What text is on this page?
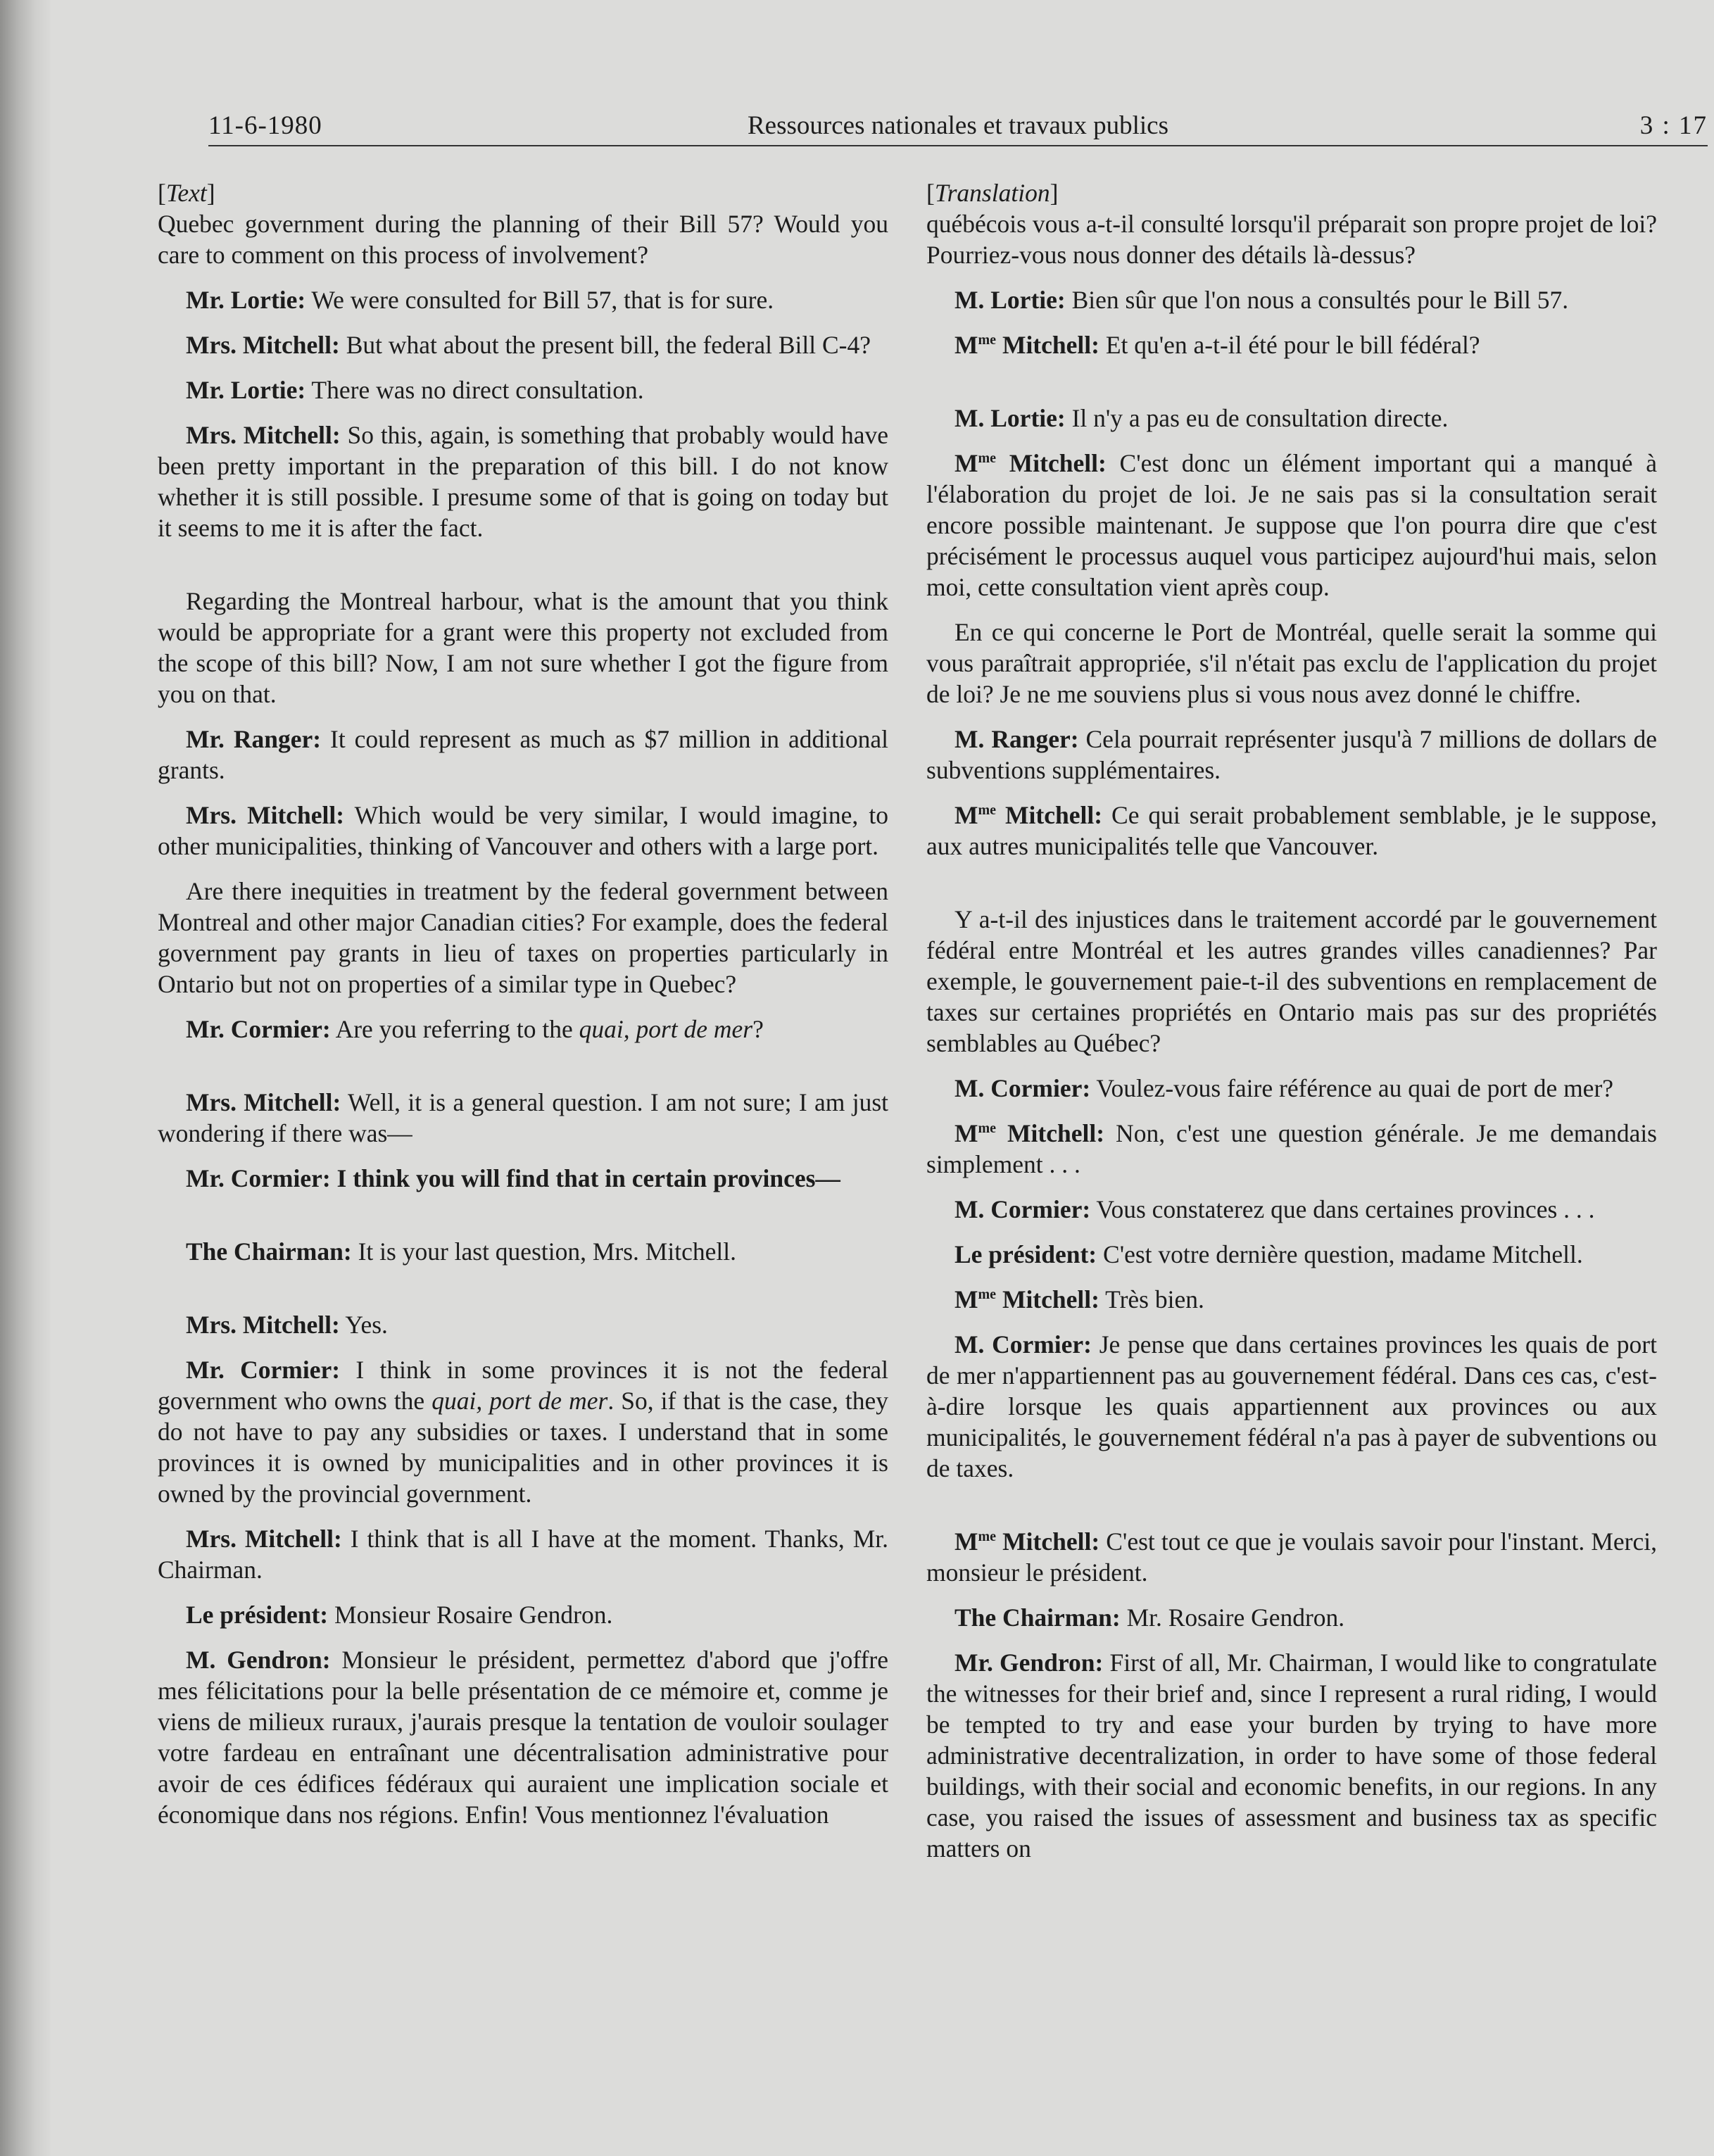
11-6-1980	Ressources nationales et travaux publics	3 : 17

[Text]

Quebec government during the planning of their Bill 57? Would you care to comment on this process of involvement?

Mr. Lortie: We were consulted for Bill 57, that is for sure.

Mrs. Mitchell: But what about the present bill, the federal Bill C-4?

Mr. Lortie: There was no direct consultation.

Mrs. Mitchell: So this, again, is something that probably would have been pretty important in the preparation of this bill. I do not know whether it is still possible. I presume some of that is going on today but it seems to me it is after the fact.

Regarding the Montreal harbour, what is the amount that you think would be appropriate for a grant were this property not excluded from the scope of this bill? Now, I am not sure whether I got the figure from you on that.

Mr. Ranger: It could represent as much as $7 million in additional grants.

Mrs. Mitchell: Which would be very similar, I would imagine, to other municipalities, thinking of Vancouver and others with a large port.

Are there inequities in treatment by the federal government between Montreal and other major Canadian cities? For example, does the federal government pay grants in lieu of taxes on properties particularly in Ontario but not on properties of a similar type in Quebec?

Mr. Cormier: Are you referring to the quai, port de mer?

Mrs. Mitchell: Well, it is a general question. I am not sure; I am just wondering if there was—

Mr. Cormier: I think you will find that in certain provinces—

The Chairman: It is your last question, Mrs. Mitchell.

Mrs. Mitchell: Yes.

Mr. Cormier: I think in some provinces it is not the federal government who owns the quai, port de mer. So, if that is the case, they do not have to pay any subsidies or taxes. I understand that in some provinces it is owned by municipalities and in other provinces it is owned by the provincial government.

Mrs. Mitchell: I think that is all I have at the moment. Thanks, Mr. Chairman.

Le président: Monsieur Rosaire Gendron.

M. Gendron: Monsieur le président, permettez d'abord que j'offre mes félicitations pour la belle présentation de ce mémoire et, comme je viens de milieux ruraux, j'aurais presque la tentation de vouloir soulager votre fardeau en entraînant une décentralisation administrative pour avoir de ces édifices fédéraux qui auraient une implication sociale et économique dans nos régions. Enfin! Vous mentionnez l'évaluation

[Translation]

québécois vous a-t-il consulté lorsqu'il préparait son propre projet de loi? Pourriez-vous nous donner des détails là-dessus?

M. Lortie: Bien sûr que l'on nous a consultés pour le Bill 57.

$M^{me}$ Mitchell: Et qu'en a-t-il été pour le bill fédéral?

M. Lortie: Il n'y a pas eu de consultation directe.

$M^{me}$ Mitchell: C'est donc un élément important qui a manqué à l'élaboration du projet de loi. Je ne sais pas si la consultation serait encore possible maintenant. Je suppose que l'on pourra dire que c'est précisément le processus auquel vous participez aujourd'hui mais, selon moi, cette consultation vient après coup.

En ce qui concerne le Port de Montréal, quelle serait la somme qui vous paraîtrait appropriée, s'il n'était pas exclu de l'application du projet de loi? Je ne me souviens plus si vous nous avez donné le chiffre.

M. Ranger: Cela pourrait représenter jusqu'à 7 millions de dollars de subventions supplémentaires.

$M^{me}$ Mitchell: Ce qui serait probablement semblable, je le suppose, aux autres municipalités telle que Vancouver.

Y a-t-il des injustices dans le traitement accordé par le gouvernement fédéral entre Montréal et les autres grandes villes canadiennes? Par exemple, le gouvernement paie-t-il des subventions en remplacement de taxes sur certaines propriétés en Ontario mais pas sur des propriétés semblables au Québec?

M. Cormier: Voulez-vous faire référence au quai de port de mer?

$M^{me}$ Mitchell: Non, c'est une question générale. Je me demandais simplement . . .

M. Cormier: Vous constaterez que dans certaines provinces . . .

Le président: C'est votre dernière question, madame Mitchell.

$M^{me}$ Mitchell: Très bien.

M. Cormier: Je pense que dans certaines provinces les quais de port de mer n'appartiennent pas au gouvernement fédéral. Dans ces cas, c'est-à-dire lorsque les quais appartiennent aux provinces ou aux municipalités, le gouvernement fédéral n'a pas à payer de subventions ou de taxes.

$M^{me}$ Mitchell: C'est tout ce que je voulais savoir pour l'instant. Merci, monsieur le président.

The Chairman: Mr. Rosaire Gendron.

Mr. Gendron: First of all, Mr. Chairman, I would like to congratulate the witnesses for their brief and, since I represent a rural riding, I would be tempted to try and ease your burden by trying to have more administrative decentralization, in order to have some of those federal buildings, with their social and economic benefits, in our regions. In any case, you raised the issues of assessment and business tax as specific matters on
